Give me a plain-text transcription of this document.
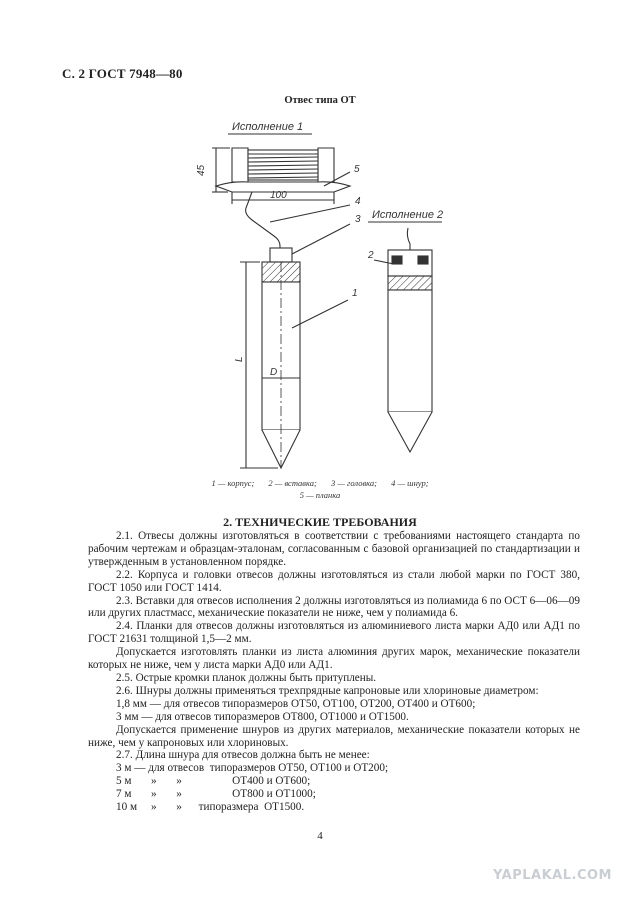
С. 2 ГОСТ 7948—80
Отвес типа ОТ
Исполнение 1
45
100
D
L
5
4
3
1
Исполнение 2
2
1 — корпус; 2 — вставка; 3 — головка; 4 — шнур;
5 — планка
2. ТЕХНИЧЕСКИЕ ТРЕБОВАНИЯ

2.1. Отвесы должны изготовляться в соответствии с требованиями настоящего стандарта по рабочим чертежам и образцам-эталонам, согласованным с базовой организацией по стандартизации и утвержденным в установленном порядке.

2.2. Корпуса и головки отвесов должны изготовляться из стали любой марки по ГОСТ 380, ГОСТ 1050 или ГОСТ 1414.

2.3. Вставки для отвесов исполнения 2 должны изготовляться из полиамида 6 по ОСТ 6—06—09 или других пластмасс, механические показатели не ниже, чем у полиамида 6.

2.4. Планки для отвесов должны изготовляться из алюминиевого листа марки АД0 или АД1 по ГОСТ 21631 толщиной 1,5—2 мм.

Допускается изготовлять планки из листа алюминия других марок, механические показатели которых не ниже, чем у листа марки АД0 или АД1.

2.5. Острые кромки планок должны быть притуплены.

2.6. Шнуры должны применяться трехпрядные капроновые или хлориновые диаметром:

1,8 мм — для отвесов типоразмеров ОТ50, ОТ100, ОТ200, ОТ400 и ОТ600;

3 мм — для отвесов типоразмеров ОТ800, ОТ1000 и ОТ1500.

Допускается применение шнуров из других материалов, механические показатели которых не ниже, чем у капроновых или хлориновых.

2.7. Длина шнура для отвесов должна быть не менее:

3 м — для отвесов  типоразмеров ОТ50, ОТ100 и ОТ200;

5 м       »       »                  ОТ400 и ОТ600;

7 м       »       »                  ОТ800 и ОТ1000;

10 м     »       »      типоразмера  ОТ1500.

4
YAPLAKAL.COM
